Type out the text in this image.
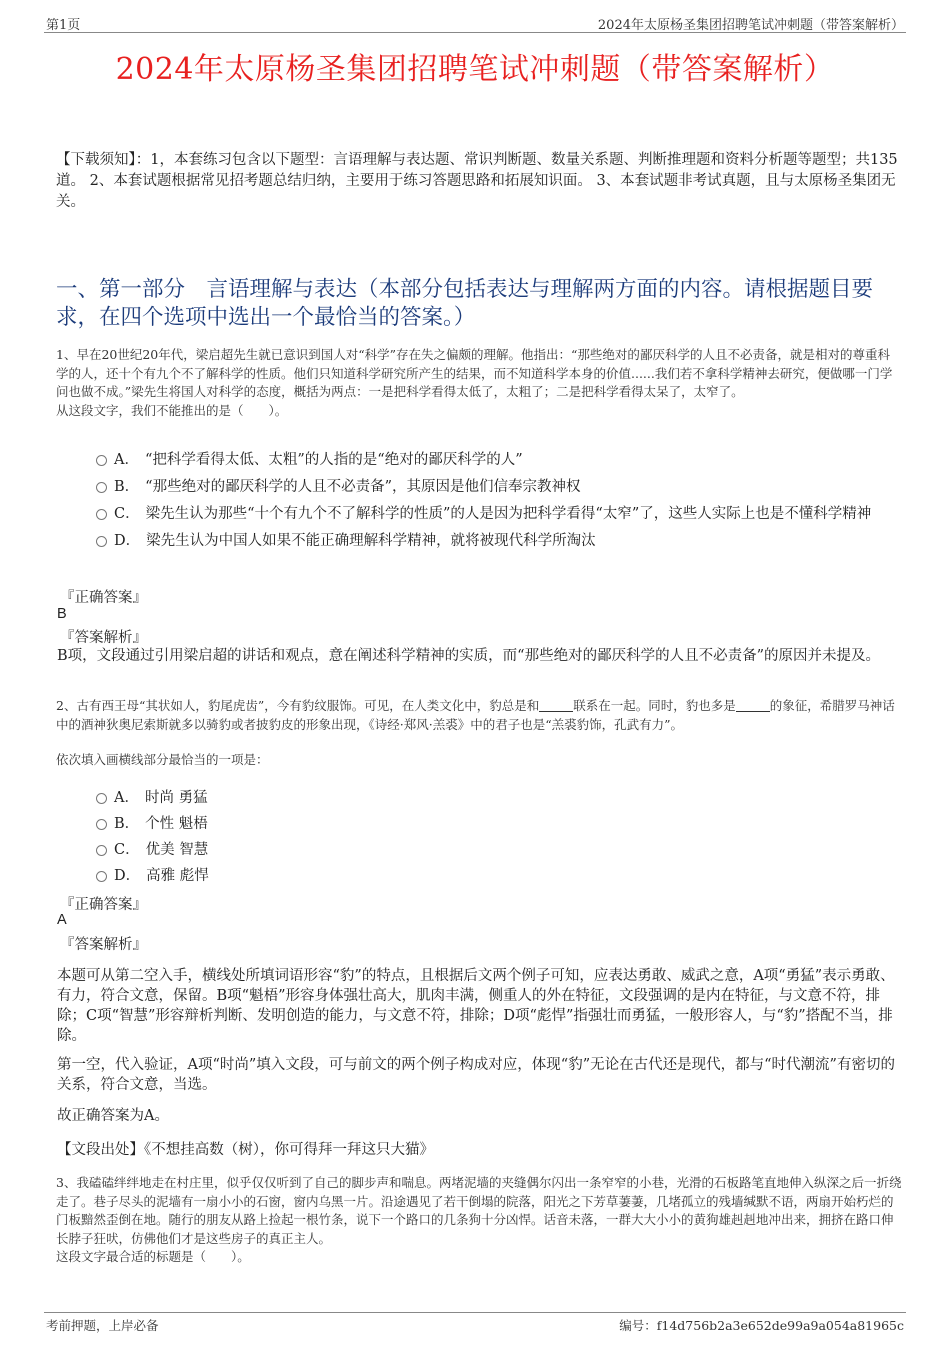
第1页	2024年太原杨圣集团招聘笔试冲刺题（带答案解析）
2024年太原杨圣集团招聘笔试冲刺题（带答案解析）
【下载须知】：1，本套练习包含以下题型：言语理解与表达题、常识判断题、数量关系题、判断推理题和资料分析题等题型；共135道。 2、本套试题根据常见招考题总结归纳，主要用于练习答题思路和拓展知识面。 3、本套试题非考试真题，且与太原杨圣集团无关。
一、第一部分　言语理解与表达（本部分包括表达与理解两方面的内容。请根据题目要求，在四个选项中选出一个最恰当的答案。）
1、早在20世纪20年代，梁启超先生就已意识到国人对“科学”存在失之偏颇的理解。他指出：“那些绝对的鄙厌科学的人且不必责备，就是相对的尊重科学的人，还十个有九个不了解科学的性质。他们只知道科学研究所产生的结果，而不知道科学本身的价值......我们若不拿科学精神去研究，便做哪一门学问也做不成。”梁先生将国人对科学的态度，概括为两点：一是把科学看得太低了，太粗了；二是把科学看得太呆了，太窄了。
从这段文字，我们不能推出的是（　　）。
A． “把科学看得太低、太粗”的人指的是“绝对的鄙厌科学的人”
B． “那些绝对的鄙厌科学的人且不必责备”，其原因是他们信奉宗教神权
C． 梁先生认为那些“十个有九个不了解科学的性质”的人是因为把科学看得“太窄”了，这些人实际上也是不懂科学精神
D． 梁先生认为中国人如果不能正确理解科学精神，就将被现代科学所淘汰
『正确答案』
B
『答案解析』
B项，文段通过引用梁启超的讲话和观点，意在阐述科学精神的实质，而“那些绝对的鄙厌科学的人且不必责备”的原因并未提及。
2、古有西王母“其状如人，豹尾虎齿”，今有豹纹服饰。可见，在人类文化中，豹总是和	联系在一起。同时，豹也多是	的象征，希腊罗马神话中的酒神狄奥尼索斯就多以骑豹或者披豹皮的形象出现，《诗经·郑风·羔裘》中的君子也是“羔裘豹饰，孔武有力”。
依次填入画横线部分最恰当的一项是：
A． 时尚 勇猛
B． 个性 魁梧
C． 优美 智慧
D． 高雅 彪悍
『正确答案』
A
『答案解析』
本题可从第二空入手，横线处所填词语形容“豹”的特点，且根据后文两个例子可知，应表达勇敢、威武之意，A项“勇猛”表示勇敢、有力，符合文意，保留。B项“魁梧”形容身体强壮高大，肌肉丰满，侧重人的外在特征，文段强调的是内在特征，与文意不符，排除；C项“智慧”形容辩析判断、发明创造的能力，与文意不符，排除；D项“彪悍”指强壮而勇猛，一般形容人，与“豹”搭配不当，排除。
第一空，代入验证，A项“时尚”填入文段，可与前文的两个例子构成对应，体现“豹”无论在古代还是现代，都与“时代潮流”有密切的关系，符合文意，当选。
故正确答案为A。
【文段出处】《不想挂高数（树），你可得拜一拜这只大猫》
3、我磕磕绊绊地走在村庄里，似乎仅仅听到了自己的脚步声和喘息。两堵泥墙的夹缝偶尔闪出一条窄窄的小巷，光滑的石板路笔直地伸入纵深之后一折绕走了。巷子尽头的泥墙有一扇小小的石窗，窗内乌黑一片。沿途遇见了若干倒塌的院落，阳光之下芳草萋萋，几堵孤立的残墙缄默不语，两扇开始朽烂的门板黯然歪倒在地。随行的朋友从路上捡起一根竹条，说下一个路口的几条狗十分凶悍。话音未落，一群大大小小的黄狗雄赳赳地冲出来，拥挤在路口伸长脖子狂吠，仿佛他们才是这些房子的真正主人。
这段文字最合适的标题是（　　）。
考前押题，上岸必备	编号：f14d756b2a3e652de99a9a054a81965c
